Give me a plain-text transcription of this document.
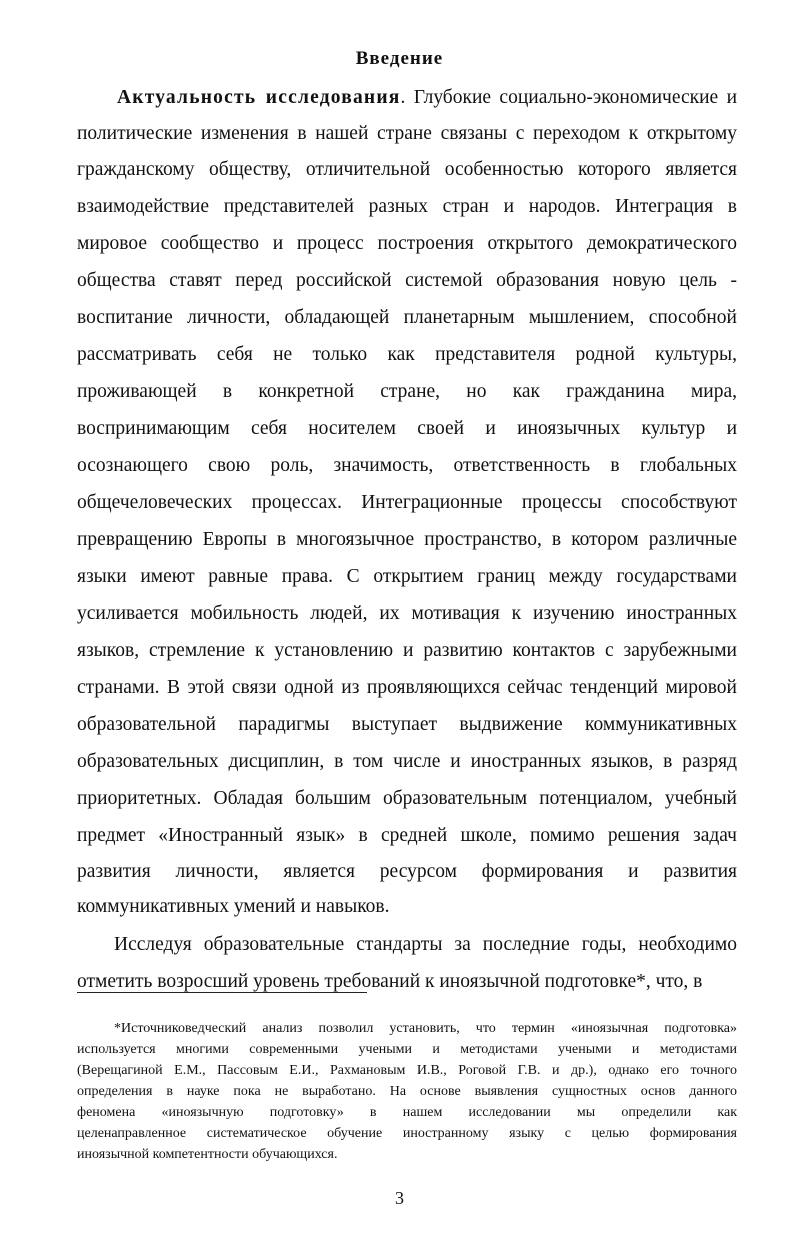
Введение
Актуальность исследования. Глубокие социально-экономические и
политические изменения в нашей стране связаны с переходом к открытому
гражданскому обществу, отличительной особенностью которого является
взаимодействие представителей разных стран и народов. Интеграция в
мировое сообщество и процесс построения открытого демократического
общества ставят перед российской системой образования новую цель -
воспитание личности, обладающей планетарным мышлением, способной
рассматривать себя не только как представителя родной культуры,
проживающей в конкретной стране, но как гражданина мира,
воспринимающим себя носителем своей и иноязычных культур и
осознающего свою роль, значимость, ответственность в глобальных
общечеловеческих процессах. Интеграционные процессы способствуют
превращению Европы в многоязычное пространство, в котором различные
языки имеют равные права. С открытием границ между государствами
усиливается мобильность людей, их мотивация к изучению иностранных
языков, стремление к установлению и развитию контактов с зарубежными
странами. В этой связи одной из проявляющихся сейчас тенденций мировой
образовательной парадигмы выступает выдвижение коммуникативных
образовательных дисциплин, в том числе и иностранных языков, в разряд
приоритетных. Обладая большим образовательным потенциалом, учебный
предмет «Иностранный язык» в средней школе, помимо решения задач
развития личности, является ресурсом формирования и развития
коммуникативных умений и навыков.
Исследуя образовательные стандарты за последние годы, необходимо
отметить возросший уровень требований к иноязычной подготовке*, что, в
*Источниковедческий анализ позволил установить, что термин «иноязычная подготовка»
используется многими современными учеными и методистами учеными и методистами
(Верещагиной Е.М., Пассовым Е.И., Рахмановым И.В., Роговой Г.В. и др.), однако его точного
определения в науке пока не выработано. На основе выявления сущностных основ данного
феномена «иноязычную подготовку» в нашем исследовании мы определили как
целенаправленное систематическое обучение иностранному языку с целью формирования
иноязычной компетентности обучающихся.
3
